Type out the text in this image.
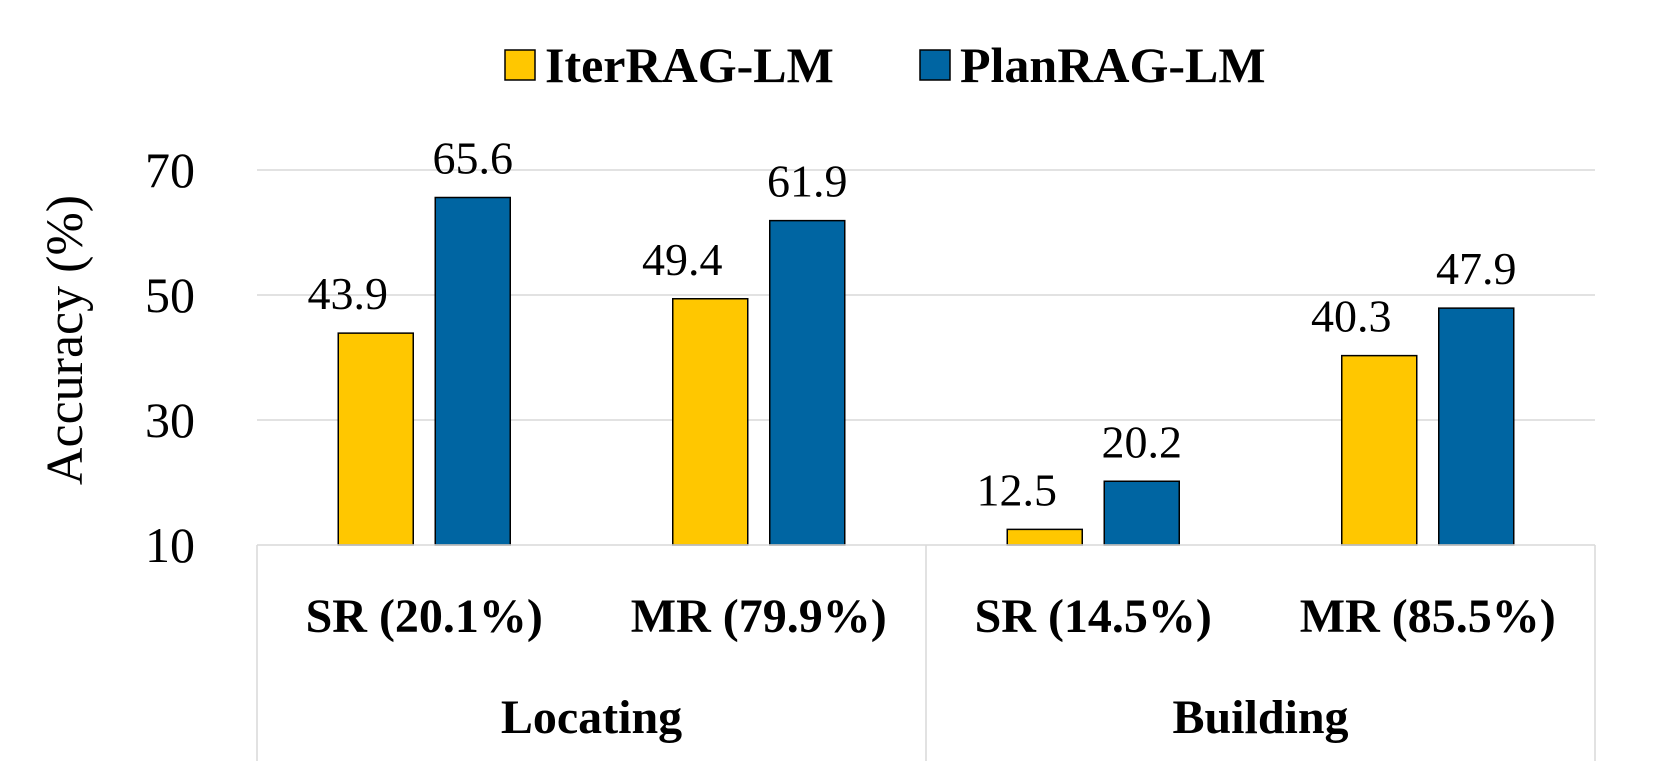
IterRAG-LM	PlanRAG-LM
Accuracy (%)
10
30
50
70
43.9
65.6
49.4
61.9
12.5
20.2
40.3
47.9
SR (20.1%) MR (79.9%) SR (14.5%) MR (85.5%)
Locating	Building
